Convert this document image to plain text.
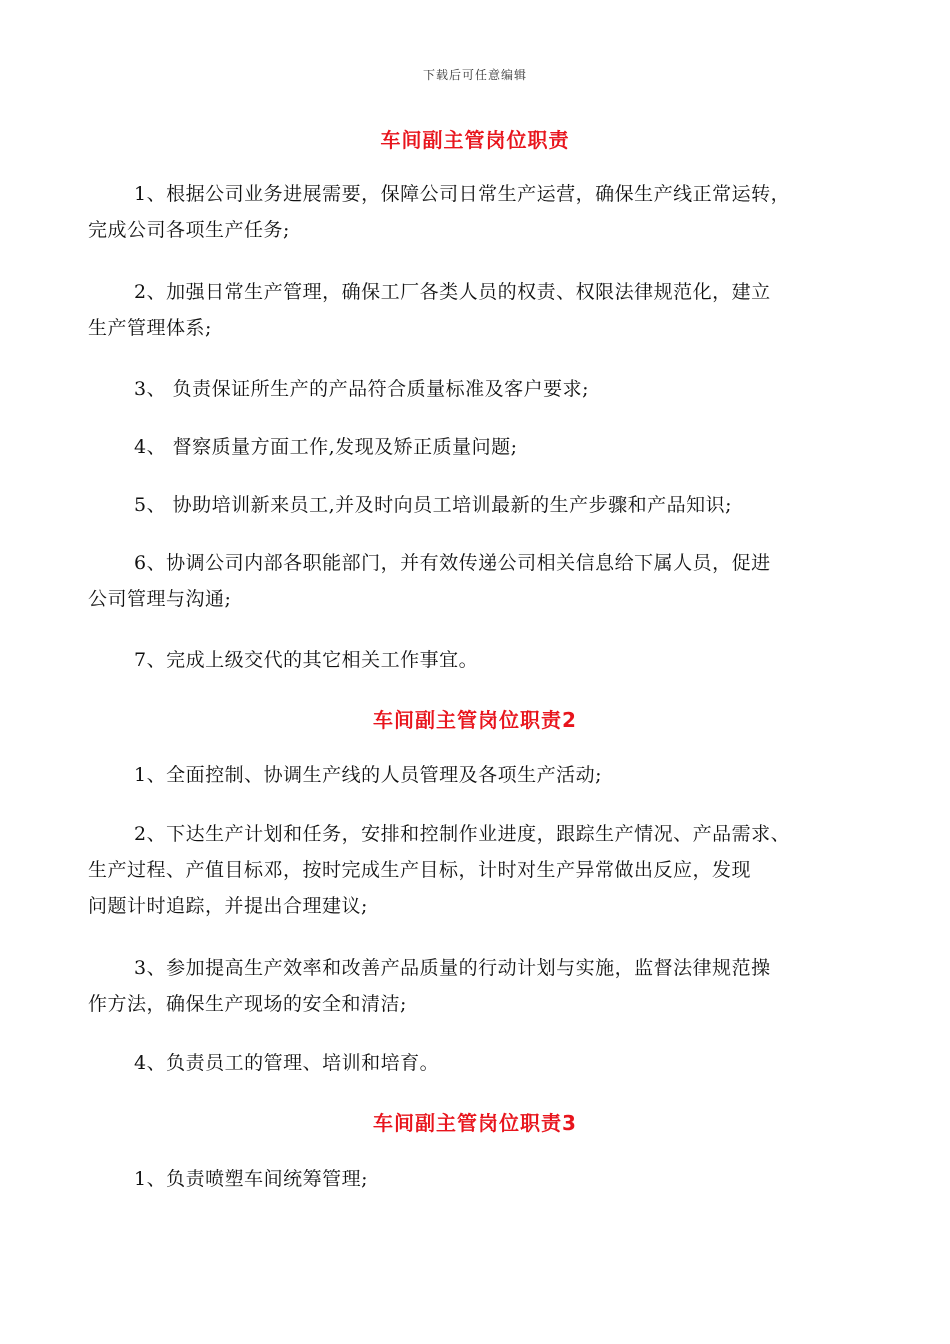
下载后可任意编辑
车间副主管岗位职责

1、根据公司业务进展需要，保障公司日常生产运营，确保生产线正常运转，

完成公司各项生产任务;

2、加强日常生产管理，确保工厂各类人员的权责、权限法律规范化，建立

生产管理体系;

3、 负责保证所生产的产品符合质量标准及客户要求;

4、 督察质量方面工作,发现及矫正质量问题;

5、 协助培训新来员工,并及时向员工培训最新的生产步骤和产品知识;

6、协调公司内部各职能部门，并有效传递公司相关信息给下属人员，促进

公司管理与沟通;

7、完成上级交代的其它相关工作事宜。

车间副主管岗位职责2

1、全面控制、协调生产线的人员管理及各项生产活动;

2、下达生产计划和任务，安排和控制作业进度，跟踪生产情况、产品需求、

生产过程、产值目标邓，按时完成生产目标，计时对生产异常做出反应，发现

问题计时追踪，并提出合理建议;

3、参加提高生产效率和改善产品质量的行动计划与实施，监督法律规范操

作方法，确保生产现场的安全和清洁;

4、负责员工的管理、培训和培育。

车间副主管岗位职责3

1、负责喷塑车间统筹管理;
